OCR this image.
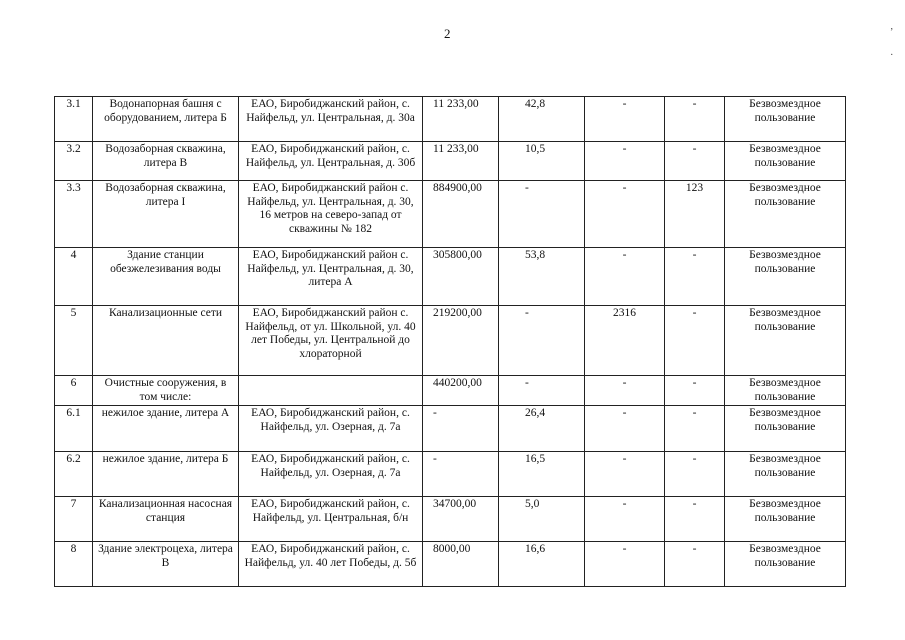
2	,
.
3.1	Водонапорная башня с оборудованием, литера Б	ЕАО, Биробиджанский район, с. Найфельд, ул. Центральная, д. 30а	11 233,00	42,8	-	-	Безвозмездное пользование
3.2	Водозаборная скважина, литера В	ЕАО, Биробиджанский район, с. Найфельд, ул. Центральная, д. 30б	11 233,00	10,5	-	-	Безвозмездное пользование
3.3	Водозаборная скважина, литера I	ЕАО, Биробиджанский район с. Найфельд, ул. Центральная, д. 30, 16 метров на северо-запад от скважины № 182	884900,00	-	-	123	Безвозмездное пользование
4	Здание станции обезжелезивания воды	ЕАО, Биробиджанский район с. Найфельд, ул. Центральная, д. 30, литера А	305800,00	53,8	-	-	Безвозмездное пользование
5	Канализационные сети	ЕАО, Биробиджанский район с. Найфельд, от ул. Школьной, ул. 40 лет Победы, ул. Центральной до хлораторной	219200,00	-	2316	-	Безвозмездное пользование
6	Очистные сооружения, в том числе:		440200,00	-	-	-	Безвозмездное пользование
6.1	нежилое здание, литера А	ЕАО, Биробиджанский район, с. Найфельд, ул. Озерная, д. 7а	-	26,4	-	-	Безвозмездное пользование
6.2	нежилое здание, литера Б	ЕАО, Биробиджанский район, с. Найфельд, ул. Озерная, д. 7а	-	16,5	-	-	Безвозмездное пользование
7	Канализационная насосная станция	ЕАО, Биробиджанский район, с. Найфельд, ул. Центральная, б/н	34700,00	5,0	-	-	Безвозмездное пользование
8	Здание электроцеха, литера В	ЕАО, Биробиджанский район, с. Найфельд, ул. 40 лет Победы, д. 5б	8000,00	16,6	-	-	Безвозмездное пользование
